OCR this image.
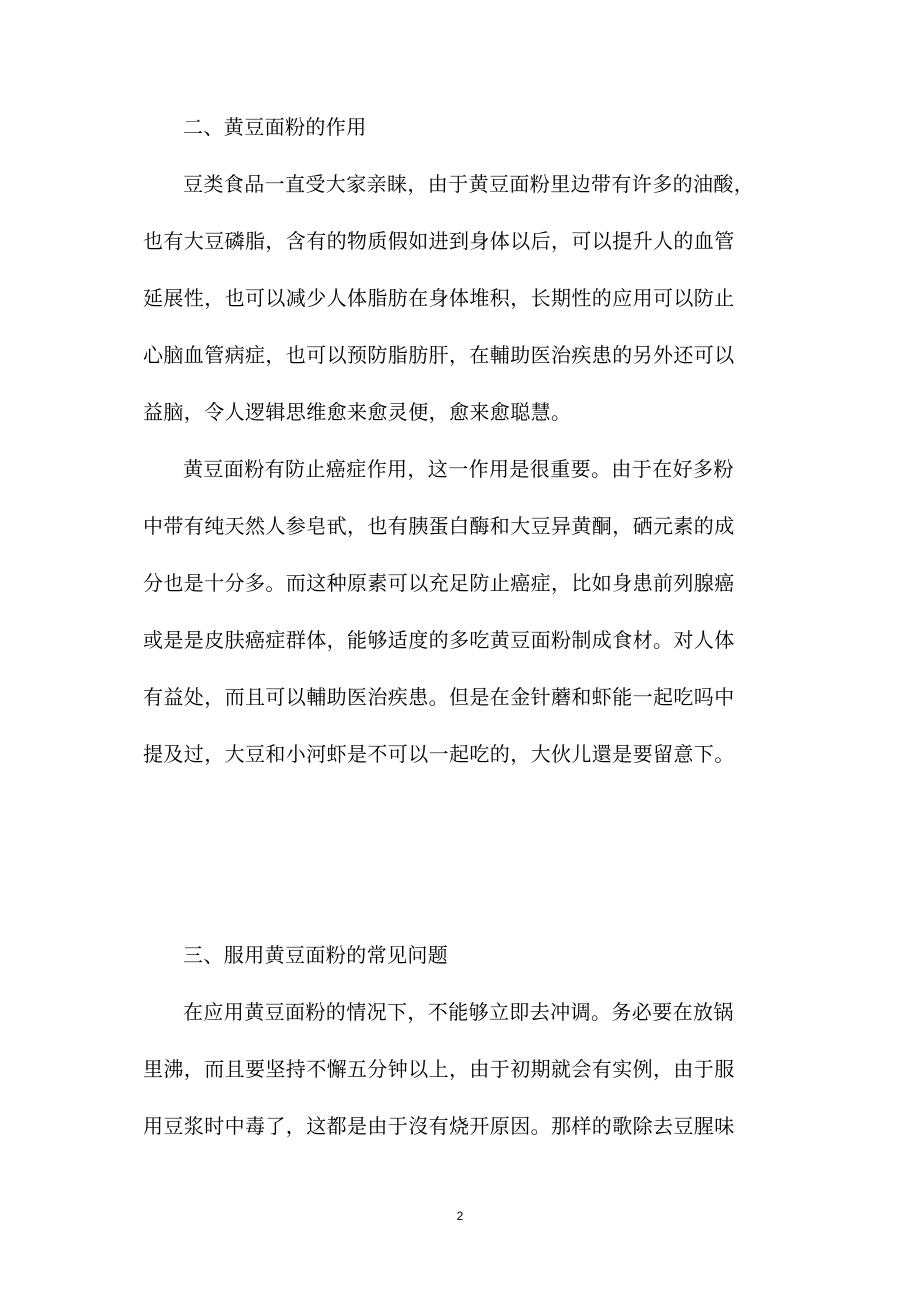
二、黄豆面粉的作用
豆类食品一直受大家亲睐，由于黄豆面粉里边带有许多的油酸，
也有大豆磷脂，含有的物质假如进到身体以后，可以提升人的血管
延展性，也可以减少人体脂肪在身体堆积，长期性的应用可以防止
心脑血管病症，也可以预防脂肪肝，在輔助医治疾患的另外还可以
益脑，令人逻辑思维愈来愈灵便，愈来愈聪慧。
黄豆面粉有防止癌症作用，这一作用是很重要。由于在好多粉
中带有纯天然人参皂甙，也有胰蛋白酶和大豆异黄酮，硒元素的成
分也是十分多。而这种原素可以充足防止癌症，比如身患前列腺癌
或是是皮肤癌症群体，能够适度的多吃黄豆面粉制成食材。对人体
有益处，而且可以輔助医治疾患。但是在金针蘑和虾能一起吃吗中
提及过，大豆和小河虾是不可以一起吃的，大伙儿還是要留意下。
三、服用黄豆面粉的常见问题
在应用黄豆面粉的情况下，不能够立即去冲调。务必要在放锅
里沸，而且要坚持不懈五分钟以上，由于初期就会有实例，由于服
用豆浆时中毒了，这都是由于沒有烧开原因。那样的歌除去豆腥味
2
